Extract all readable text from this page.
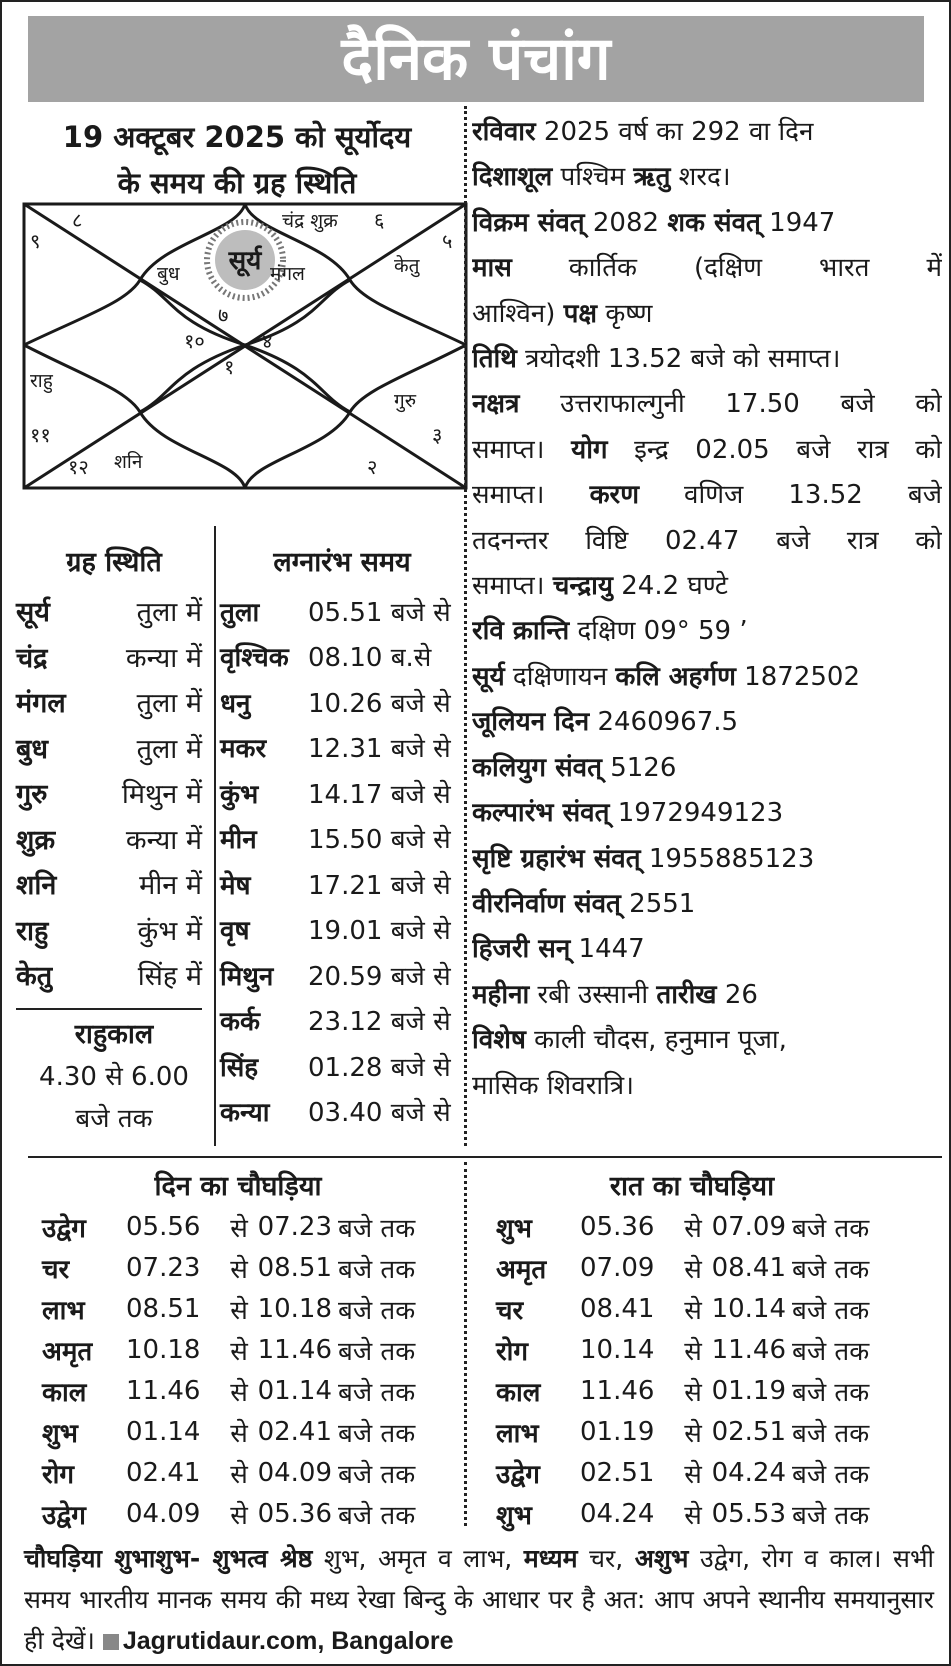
दैनिक पंचांग
19 अक्टूबर 2025 को सूर्योदय
के समय की ग्रह स्थिति
सूर्य
८
९	५
६
चंद्र शुक्र
बुध	मंगल	केतु
७
१०	४
१
राहु
गुरु
११	३
१२ शनि	२
ग्रह स्थिति
सूर्य	तुला में
चंद्र	कन्या में
मंगल	तुला में
बुध	तुला में
गुरु	मिथुन में
शुक्र	कन्या में
शनि	मीन में
राहु	कुंभ में
केतु	सिंह में
लग्नारंभ समय
तुला	05.51 बजे से
वृश्चिक 08.10 ब.से
धनु	10.26 बजे से
मकर	12.31 बजे से
कुंभ	14.17 बजे से
मीन	15.50 बजे से
मेष	17.21 बजे से
वृष	19.01 बजे से
मिथुन	20.59 बजे से
कर्क	23.12 बजे से
सिंह	01.28 बजे से
कन्या	03.40 बजे से
राहुकाल
4.30 से 6.00
बजे तक
रविवार 2025 वर्ष का 292 वा दिन
दिशाशूल पश्चिम ऋतु शरद।
विक्रम संवत् 2082 शक संवत् 1947
मास कार्तिक (दक्षिण भारत में
आश्विन) पक्ष कृष्ण
तिथि त्रयोदशी 13.52 बजे को समाप्त।
नक्षत्र उत्तराफाल्गुनी 17.50 बजे को
समाप्त। योग इन्द्र 02.05 बजे रात्र को
समाप्त। करण वणिज 13.52 बजे
तदनन्तर विष्टि 02.47 बजे रात्र को
समाप्त। चन्द्रायु 24.2 घण्टे
रवि क्रान्ति दक्षिण 09° 59 ’
सूर्य दक्षिणायन कलि अहर्गण 1872502
जूलियन दिन 2460967.5
कलियुग संवत् 5126
कल्पारंभ संवत् 1972949123
सृष्टि ग्रहारंभ संवत् 1955885123
वीरनिर्वाण संवत् 2551
हिजरी सन् 1447
महीना रबी उस्सानी तारीख 26
विशेष काली चौदस, हनुमान पूजा,
मासिक शिवरात्रि।
दिन का चौघड़िया
उद्वेग	05.56	से 07.23 बजे तक
चर	07.23	से 08.51 बजे तक
लाभ	08.51	से 10.18 बजे तक
अमृत	10.18	से 11.46 बजे तक
काल	11.46	से 01.14 बजे तक
शुभ	01.14	से 02.41 बजे तक
रोग	02.41	से 04.09 बजे तक
उद्वेग	04.09	से 05.36 बजे तक
रात का चौघड़िया
शुभ	05.36	से 07.09 बजे तक
अमृत	07.09	से 08.41 बजे तक
चर	08.41	से 10.14 बजे तक
रोग	10.14	से 11.46 बजे तक
काल	11.46	से 01.19 बजे तक
लाभ	01.19	से 02.51 बजे तक
उद्वेग	02.51	से 04.24 बजे तक
शुभ	04.24	से 05.53 बजे तक
चौघड़िया शुभाशुभ- शुभत्व श्रेष्ठ शुभ, अमृत व लाभ, मध्यम चर, अशुभ उद्वेग, रोग व काल। सभी समय भारतीय मानक समय की मध्य रेखा बिन्दु के आधार पर है अत: आप अपने स्थानीय समयानुसार ही देखें। Jagrutidaur.com, Bangalore
